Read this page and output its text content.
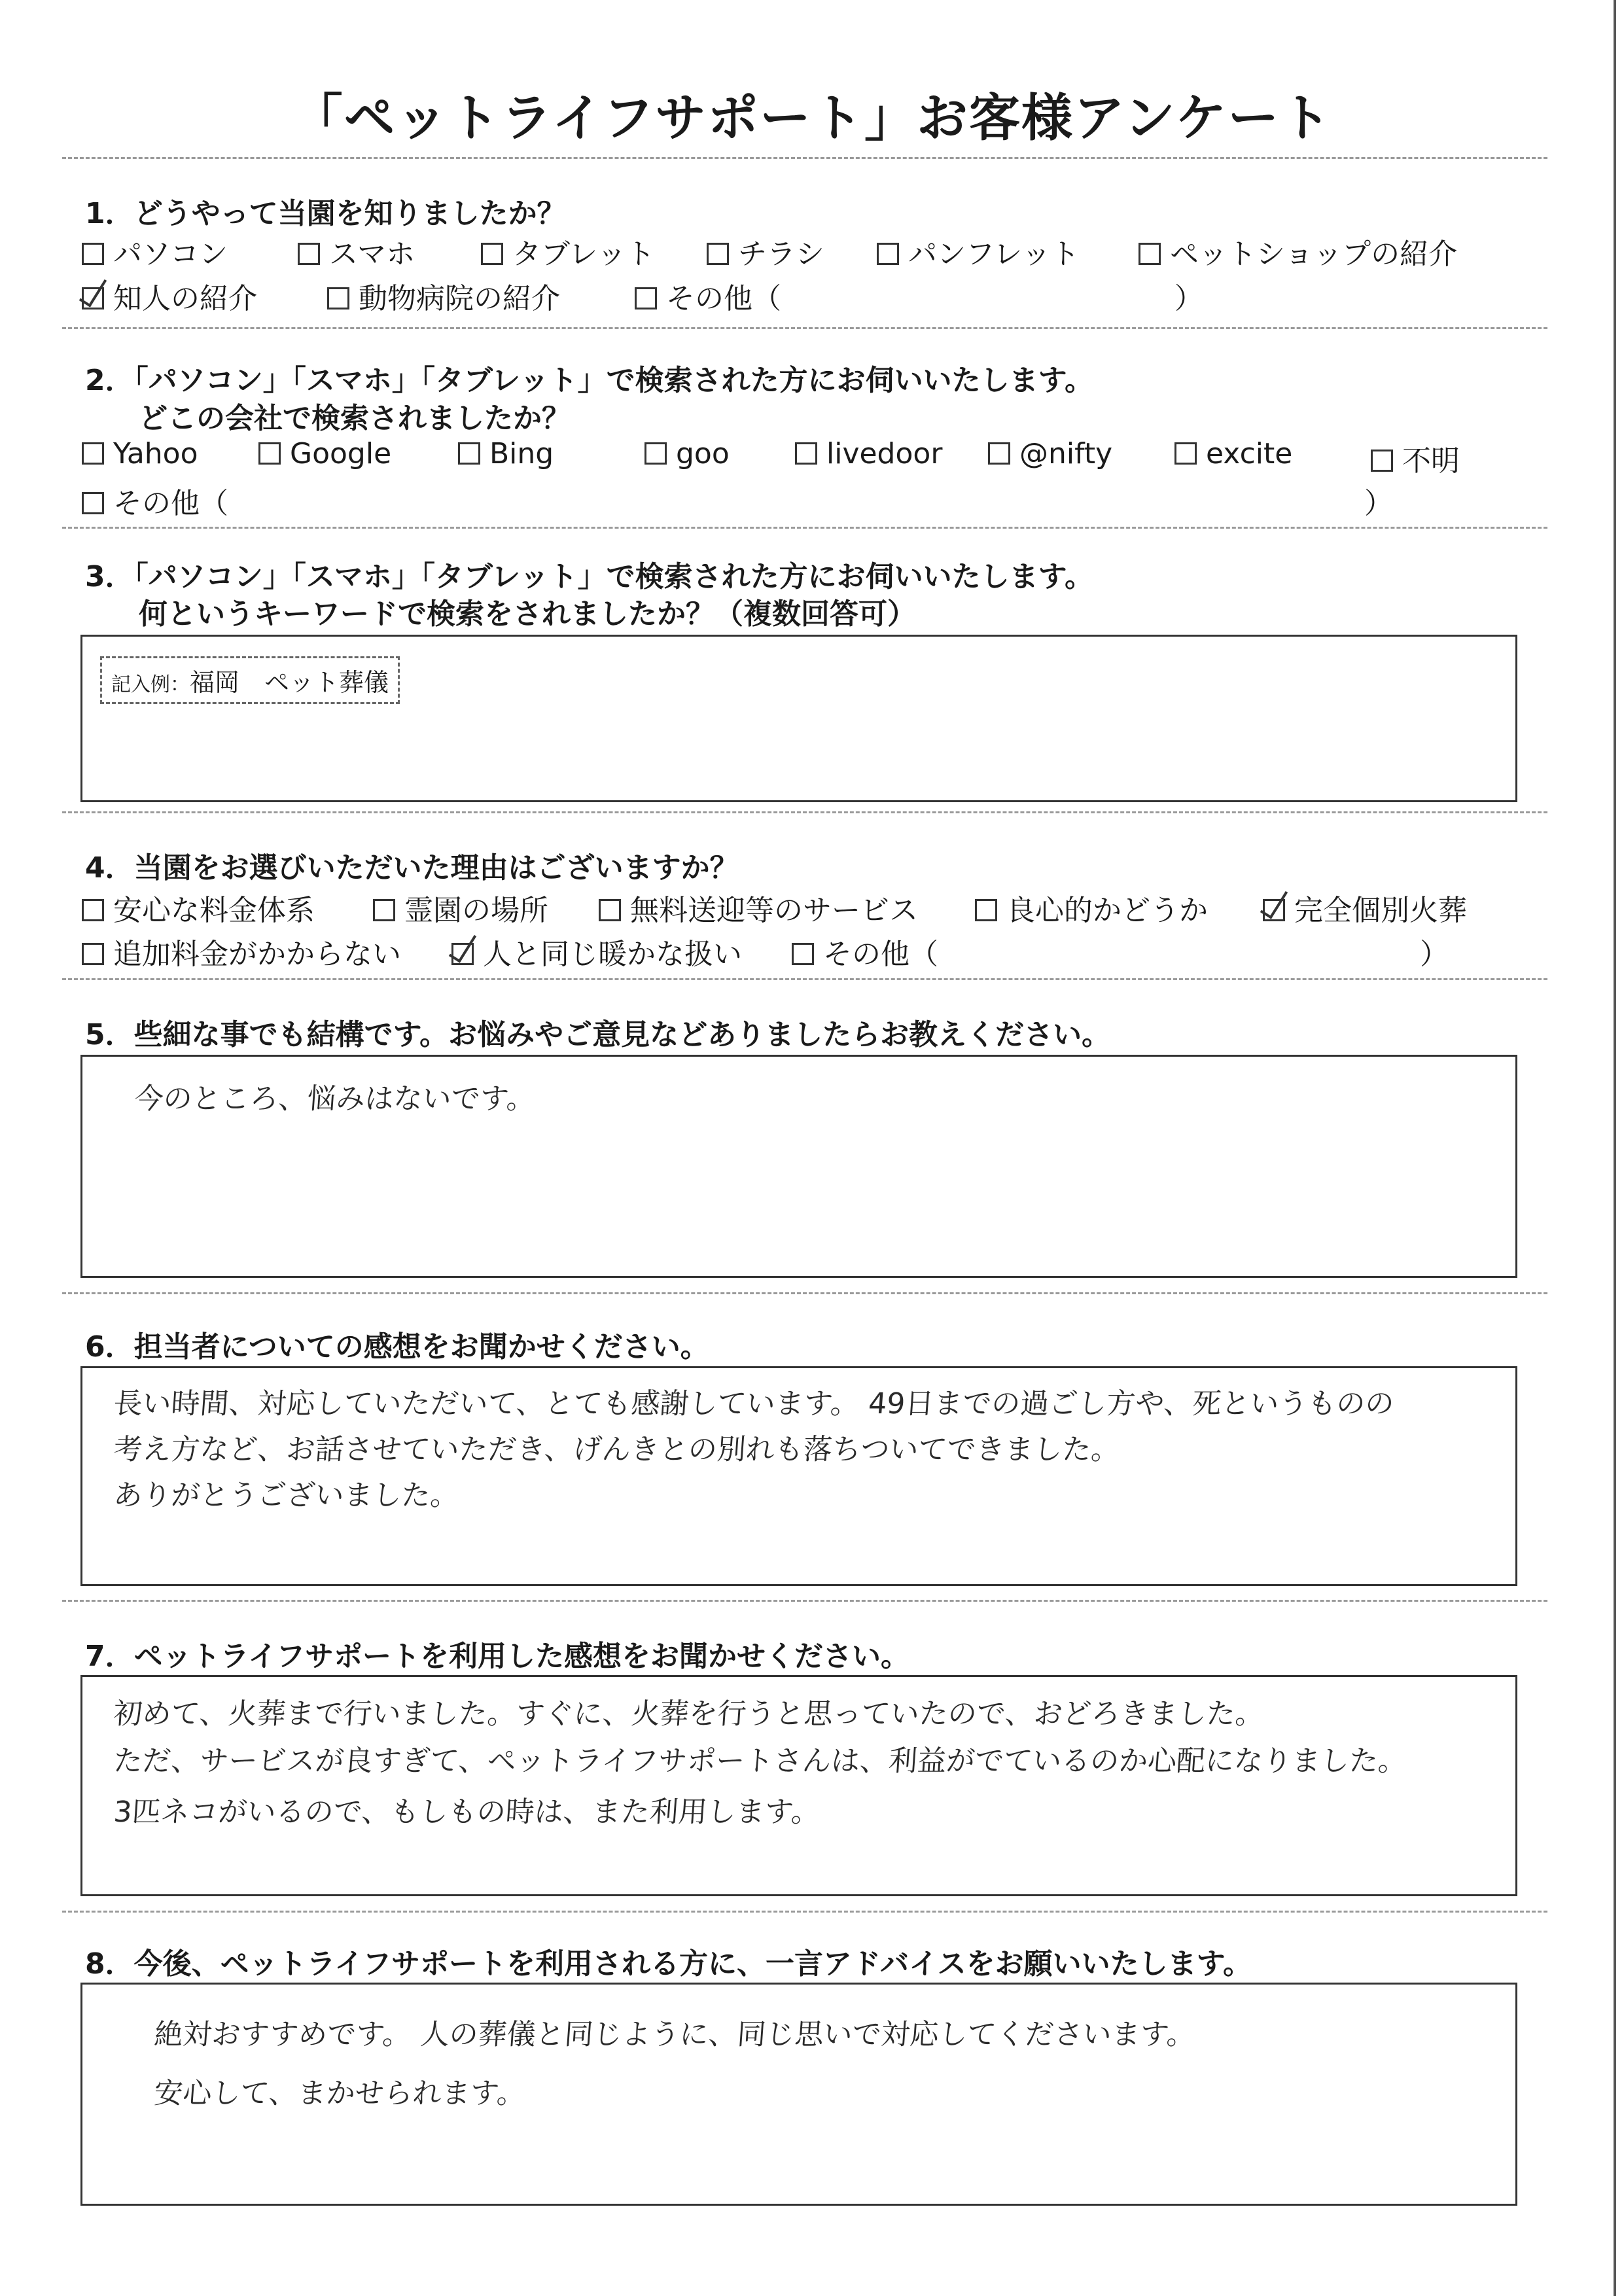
「ペットライフサポート」お客様アンケート
1．どうやって当園を知りましたか？
パソコン	スマホ	タブレット	チラシ	パンフレット	ペットショップの紹介
知人の紹介	動物病院の紹介	その他（	）
2．「パソコン」「スマホ」「タブレット」で検索された方にお伺いいたします。
どこの会社で検索されましたか？
Yahoo	Google	Bing	goo	livedoor	@nifty	excite	不明
その他（	）
3．「パソコン」「スマホ」「タブレット」で検索された方にお伺いいたします。
何というキーワードで検索をされましたか？（複数回答可）
記入例：福岡　ペット葬儀
4．当園をお選びいただいた理由はございますか？
安心な料金体系	霊園の場所	無料送迎等のサービス	良心的かどうか	完全個別火葬
追加料金がかからない	人と同じ暖かな扱い	その他（	）
5．些細な事でも結構です。お悩みやご意見などありましたらお教えください。
今のところ、悩みはないです。
6．担当者についての感想をお聞かせください。
長い時間、対応していただいて、とても感謝しています。 49日までの過ごし方や、死というものの
考え方など、お話させていただき、げんきとの別れも落ちついてできました。
ありがとうございました。
7．ペットライフサポートを利用した感想をお聞かせください。
初めて、火葬まで行いました。すぐに、火葬を行うと思っていたので、おどろきました。
ただ、サービスが良すぎて、ペットライフサポートさんは、利益がでているのか心配になりました。
3匹ネコがいるので、もしもの時は、また利用します。
8．今後、ペットライフサポートを利用される方に、一言アドバイスをお願いいたします。
絶対おすすめです。 人の葬儀と同じように、同じ思いで対応してくださいます。
安心して、まかせられます。
